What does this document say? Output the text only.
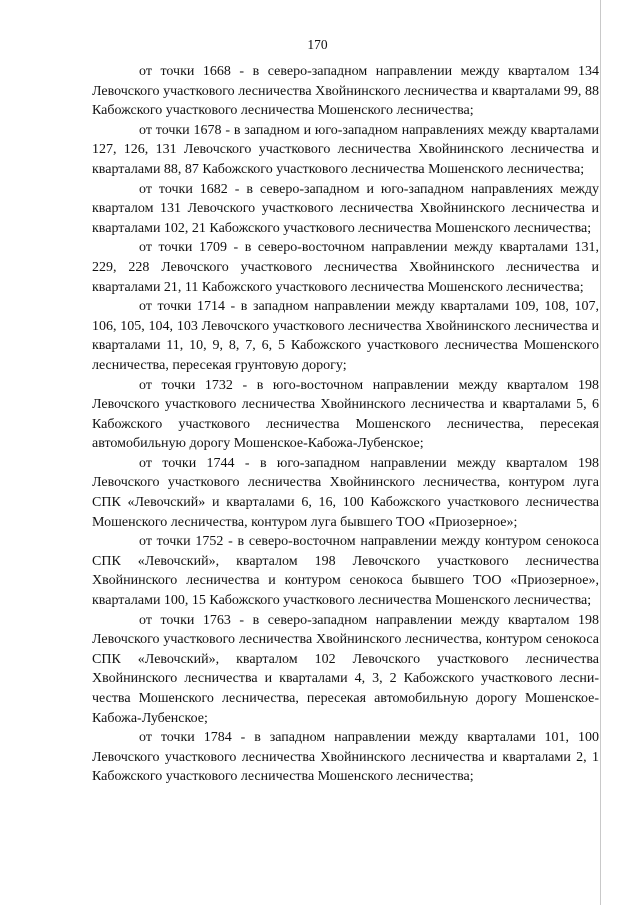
170

от точки 1668 - в северо-западном направлении между кварталом 134 Левочского участкового лесничества Хвойнинского лесничества и кварталами 99, 88 Кабожского участкового лесничества Мошенского лесничества;

от точки 1678 - в западном и юго-западном направлениях между кварталами 127, 126, 131 Левочского участкового лесничества Хвойнинского лесничества и кварталами 88, 87 Кабожского участкового лесничества Мошенского лесничества;

от точки 1682 - в северо-западном и юго-западном направлениях между кварталом 131 Левочского участкового лесничества Хвойнинского лесничества и кварталами 102, 21 Кабожского участкового лесничества Мошенского лесничества;

от точки 1709 - в северо-восточном направлении между кварталами 131, 229, 228 Левочского участкового лесничества Хвойнинского лесничества и кварталами 21, 11 Кабожского участкового лесничества Мошенского лесничества;

от точки 1714 - в западном направлении между кварталами 109, 108, 107, 106, 105, 104, 103 Левочского участкового лесничества Хвойнинского лесничества и кварталами 11, 10, 9, 8, 7, 6, 5 Кабожского участкового лесничества Мошенского лесничества, пересекая грунтовую дорогу;

от точки 1732 - в юго-восточном направлении между кварталом 198 Левочского участкового лесничества Хвойнинского лесничества и кварталами 5, 6 Кабожского участкового лесничества Мошенского лесничества, пересекая автомобильную дорогу Мошенское-Кабожа-Лубенское;

от точки 1744 - в юго-западном направлении между кварталом 198 Левочского участкового лесничества Хвойнинского лесничества, контуром луга СПК «Левочский» и кварталами 6, 16, 100 Кабожского участкового лесничества Мошенского лесничества, контуром луга бывшего ТОО «Приозерное»;

от точки 1752 - в северо-восточном направлении между контуром сенокоса СПК «Левочский», кварталом 198 Левочского участкового лесничества Хвойнинского лесничества и контуром сенокоса бывшего ТОО «Приозерное», кварталами 100, 15 Кабожского участкового лесничества Мошенского лесничества;

от точки 1763 - в северо-западном направлении между кварталом 198 Левочского участкового лесничества Хвойнинского лесничества, контуром сенокоса СПК «Левочский», кварталом 102 Левочского участкового лесничества Хвойнинского лесничества и кварталами 4, 3, 2 Кабожского участкового лесничества Мошенского лесничества, пересекая автомобильную дорогу Мошенское-Кабожа-Лубенское;

от точки 1784 - в западном направлении между кварталами 101, 100 Левочского участкового лесничества Хвойнинского лесничества и кварталами 2, 1 Кабожского участкового лесничества Мошенского лесничества;
